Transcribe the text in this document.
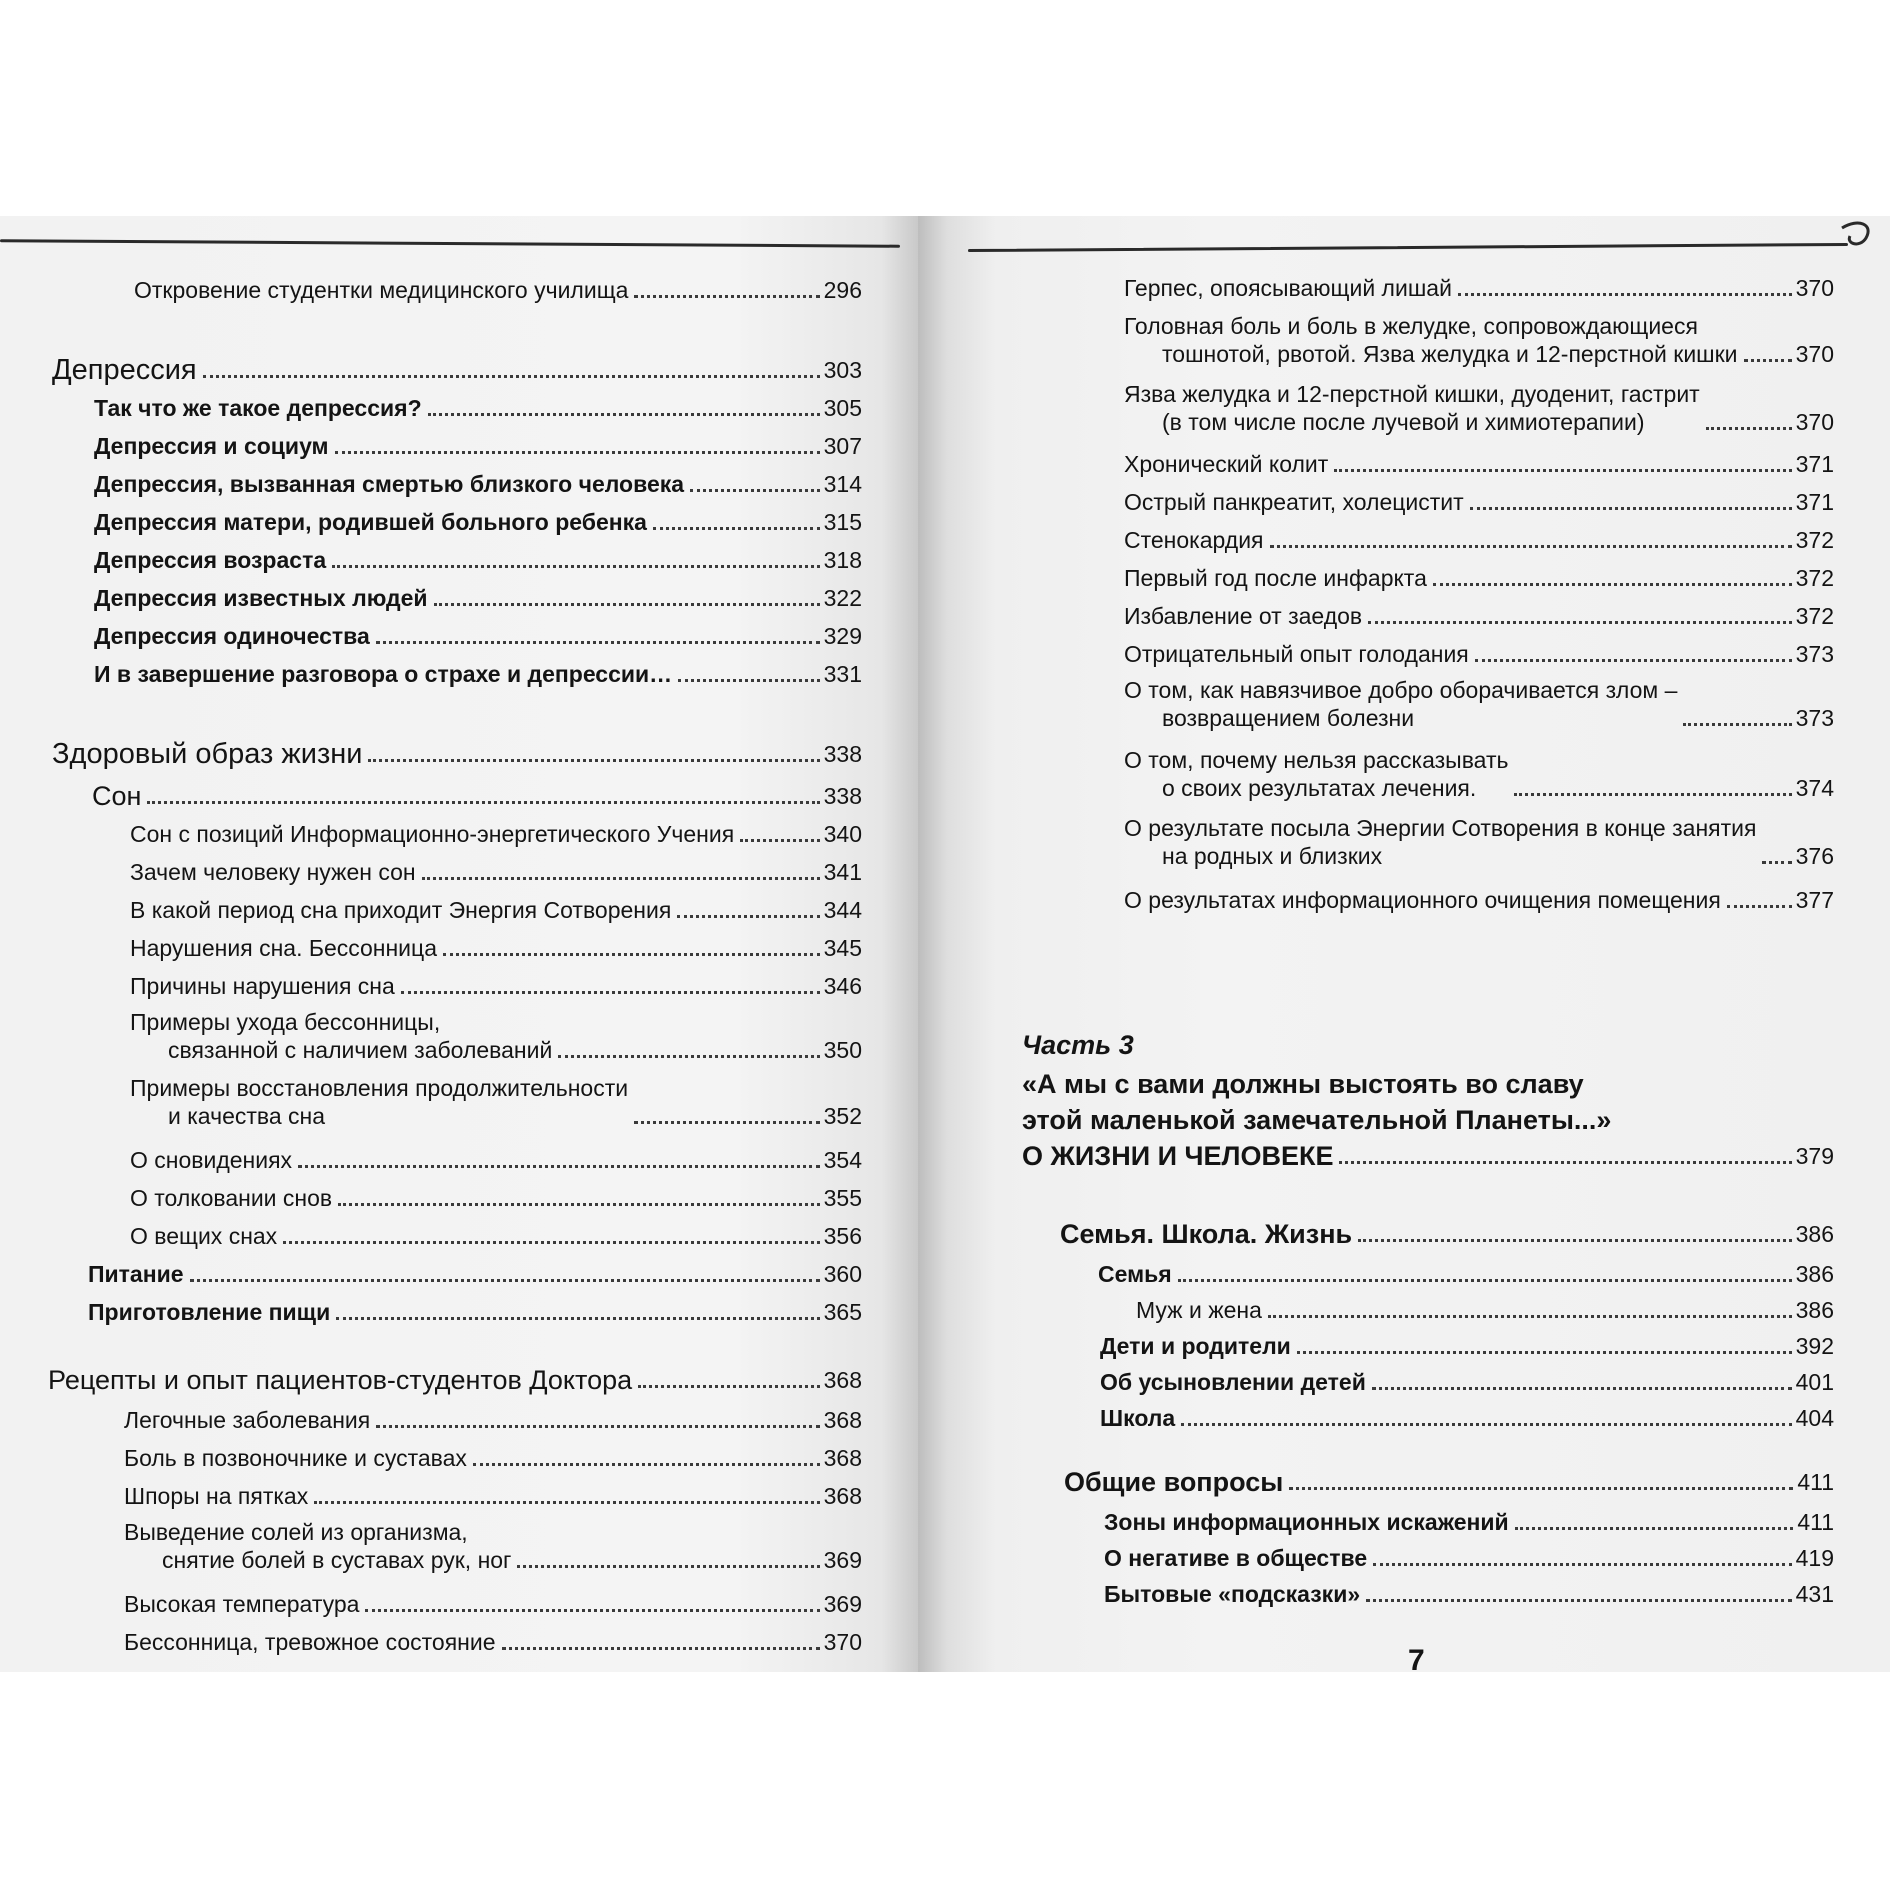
Откровение студентки медицинского училища	296
Депрессия	303
Так что же такое депрессия?	305
Депрессия и социум	307
Депрессия, вызванная смертью близкого человека	314
Депрессия матери, родившей больного ребенка	315
Депрессия возраста	318
Депрессия известных людей	322
Депрессия одиночества	329
И в завершение разговора о страхе и депрессии…	331
Здоровый образ жизни	338
Сон	338
Сон с позиций Информационно-энергетического Учения	340
Зачем человеку нужен сон	341
В какой период сна приходит Энергия Сотворения	344
Нарушения сна. Бессонница	345
Причины нарушения сна	346
Примеры ухода бессонницы,
связанной с наличием заболеваний	350
Примеры восстановления продолжительности
и качества сна	352
О сновидениях	354
О толковании снов	355
О вещих снах	356
Питание	360
Приготовление пищи	365
Рецепты и опыт пациентов-студентов Доктора	368
Легочные заболевания	368
Боль в позвоночнике и суставах	368
Шпоры на пятках	368
Выведение солей из организма,
снятие болей в суставах рук, ног	369
Высокая температура	369
Бессонница, тревожное состояние	370
Герпес, опоясывающий лишай	370
Головная боль и боль в желудке, сопровождающиеся
тошнотой, рвотой. Язва желудка и 12-перстной кишки	370
Язва желудка и 12-перстной кишки, дуоденит, гастрит
(в том числе после лучевой и химиотерапии)	370
Хронический колит	371
Острый панкреатит, холецистит	371
Стенокардия	372
Первый год после инфаркта	372
Избавление от заедов	372
Отрицательный опыт голодания	373
О том, как навязчивое добро оборачивается злом –
возвращением болезни	373
О том, почему нельзя рассказывать
о своих результатах лечения.	374
О результате посыла Энергии Сотворения в конце занятия
на родных и близких	376
О результатах информационного очищения помещения	377
Часть 3
«А мы с вами должны выстоять во славу
этой маленькой замечательной Планеты...»
О ЖИЗНИ И ЧЕЛОВЕКЕ	379
Семья. Школа. Жизнь	386
Семья	386
Муж и жена	386
Дети и родители	392
Об усыновлении детей	401
Школа	404
Общие вопросы	411
Зоны информационных искажений	411
О негативе в обществе	419
Бытовые «подсказки»	431
7
